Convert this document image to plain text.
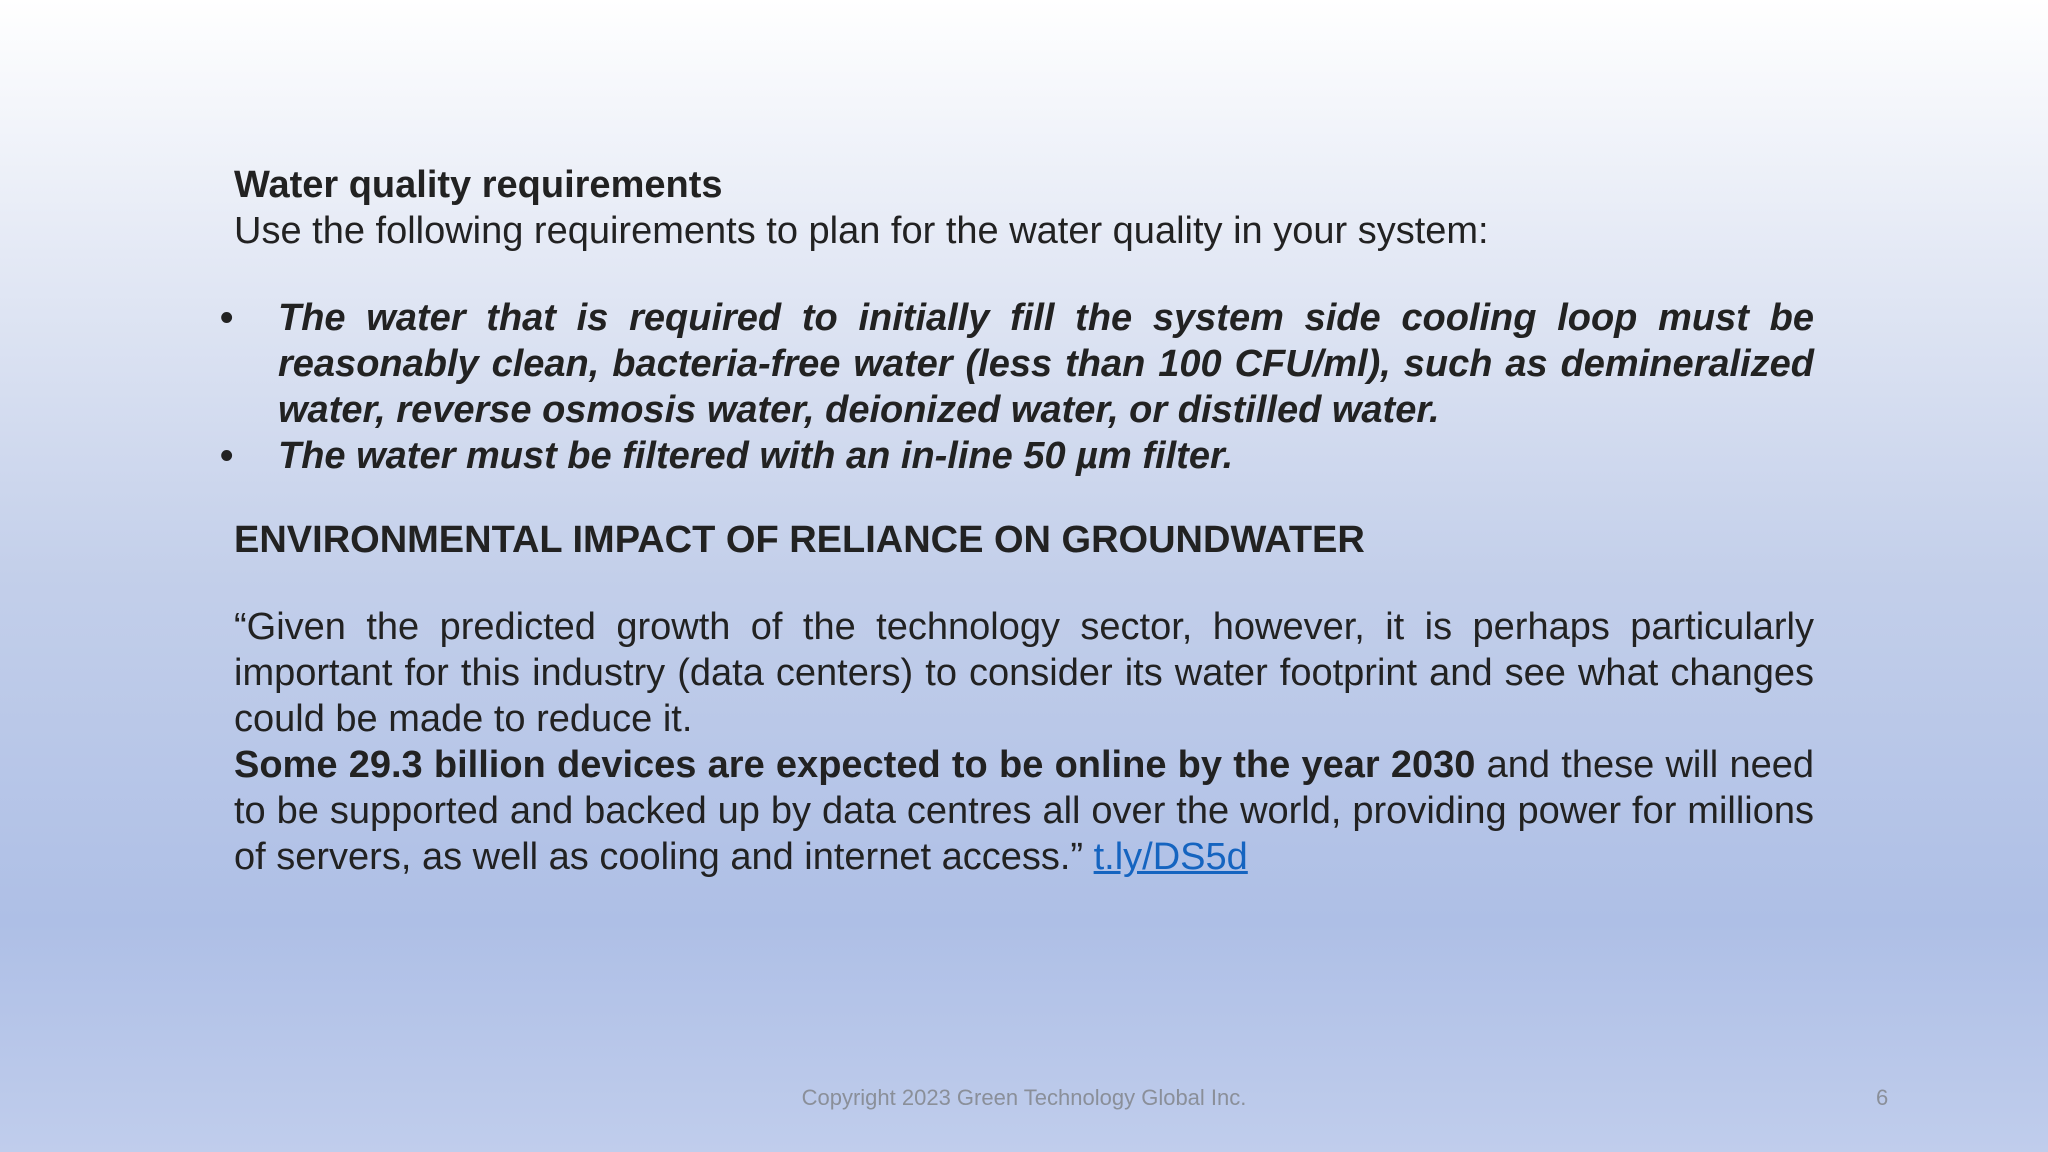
Water quality requirements

Use the following requirements to plan for the water quality in your system:

• The water that is required to initially fill the system side cooling loop must be reasonably clean, bacteria-free water (less than 100 CFU/ml), such as demineralized water, reverse osmosis water, deionized water, or distilled water.
• The water must be filtered with an in-line 50 µm filter.
ENVIRONMENTAL IMPACT OF RELIANCE ON GROUNDWATER

“Given the predicted growth of the technology sector, however, it is perhaps particularly important for this industry (data centers) to consider its water footprint and see what changes could be made to reduce it.
Some 29.3 billion devices are expected to be online by the year 2030 and these will need to be supported and backed up by data centres all over the world, providing power for millions of servers, as well as cooling and internet access.” t.ly/DS5d

Copyright 2023 Green Technology Global Inc.	6
